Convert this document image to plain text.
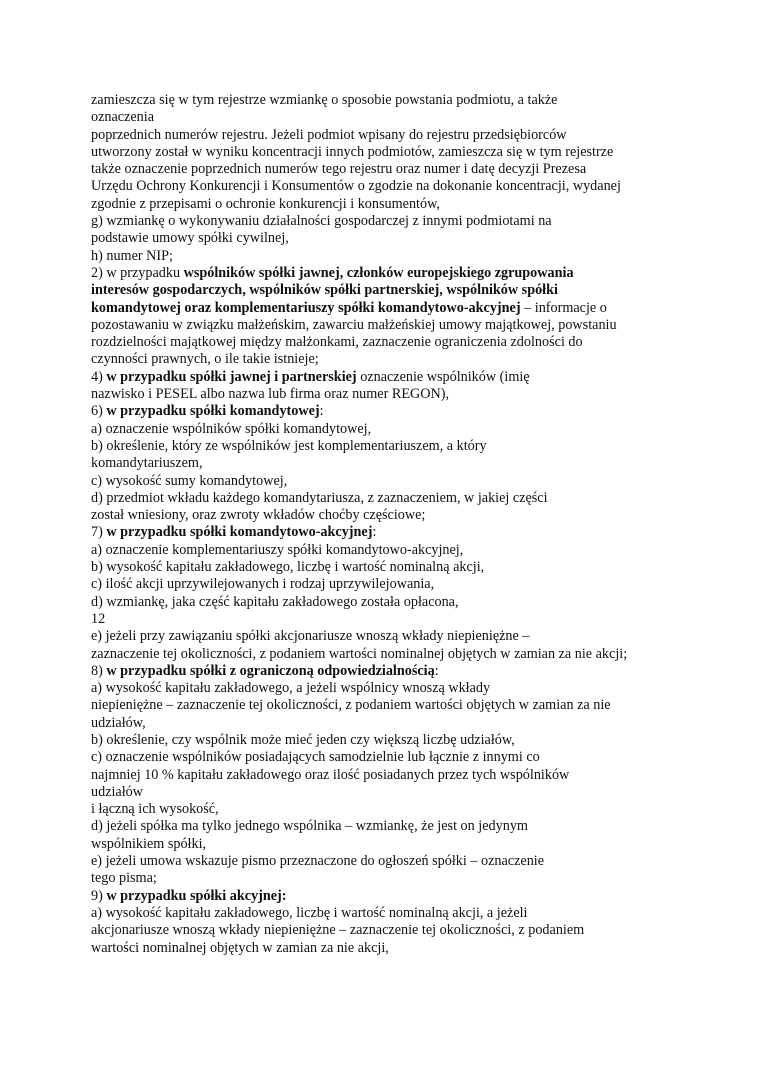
zamieszcza się w tym rejestrze wzmiankę o sposobie powstania podmiotu, a także
oznaczenia
poprzednich numerów rejestru. Jeżeli podmiot wpisany do rejestru przedsiębiorców
utworzony został w wyniku koncentracji innych podmiotów, zamieszcza się w tym rejestrze
także oznaczenie poprzednich numerów tego rejestru oraz numer i datę decyzji Prezesa
Urzędu Ochrony Konkurencji i Konsumentów o zgodzie na dokonanie koncentracji, wydanej
zgodnie z przepisami o ochronie konkurencji i konsumentów,
g) wzmiankę o wykonywaniu działalności gospodarczej z innymi podmiotami na
podstawie umowy spółki cywilnej,
h) numer NIP;
2) w przypadku wspólników spółki jawnej, członków europejskiego zgrupowania
interesów gospodarczych, wspólników spółki partnerskiej, wspólników spółki
komandytowej oraz komplementariuszy spółki komandytowo-akcyjnej – informacje o
pozostawaniu w związku małżeńskim, zawarciu małżeńskiej umowy majątkowej, powstaniu
rozdzielności majątkowej między małżonkami, zaznaczenie ograniczenia zdolności do
czynności prawnych, o ile takie istnieje;
4) w przypadku spółki jawnej i partnerskiej oznaczenie wspólników (imię
nazwisko i PESEL albo nazwa lub firma oraz numer REGON),
6) w przypadku spółki komandytowej:
a) oznaczenie wspólników spółki komandytowej,
b) określenie, który ze wspólników jest komplementariuszem, a który
komandytariuszem,
c) wysokość sumy komandytowej,
d) przedmiot wkładu każdego komandytariusza, z zaznaczeniem, w jakiej części
został wniesiony, oraz zwroty wkładów choćby częściowe;
7) w przypadku spółki komandytowo-akcyjnej:
a) oznaczenie komplementariuszy spółki komandytowo-akcyjnej,
b) wysokość kapitału zakładowego, liczbę i wartość nominalną akcji,
c) ilość akcji uprzywilejowanych i rodzaj uprzywilejowania,
d) wzmiankę, jaka część kapitału zakładowego została opłacona,
12
e) jeżeli przy zawiązaniu spółki akcjonariusze wnoszą wkłady niepieniężne –
zaznaczenie tej okoliczności, z podaniem wartości nominalnej objętych w zamian za nie akcji;
8) w przypadku spółki z ograniczoną odpowiedzialnością:
a) wysokość kapitału zakładowego, a jeżeli wspólnicy wnoszą wkłady
niepieniężne – zaznaczenie tej okoliczności, z podaniem wartości objętych w zamian za nie
udziałów,
b) określenie, czy wspólnik może mieć jeden czy większą liczbę udziałów,
c) oznaczenie wspólników posiadających samodzielnie lub łącznie z innymi co
najmniej 10 % kapitału zakładowego oraz ilość posiadanych przez tych wspólników
udziałów
i łączną ich wysokość,
d) jeżeli spółka ma tylko jednego wspólnika – wzmiankę, że jest on jedynym
wspólnikiem spółki,
e) jeżeli umowa wskazuje pismo przeznaczone do ogłoszeń spółki – oznaczenie
tego pisma;
9) w przypadku spółki akcyjnej:
a) wysokość kapitału zakładowego, liczbę i wartość nominalną akcji, a jeżeli
akcjonariusze wnoszą wkłady niepieniężne – zaznaczenie tej okoliczności, z podaniem
wartości nominalnej objętych w zamian za nie akcji,
